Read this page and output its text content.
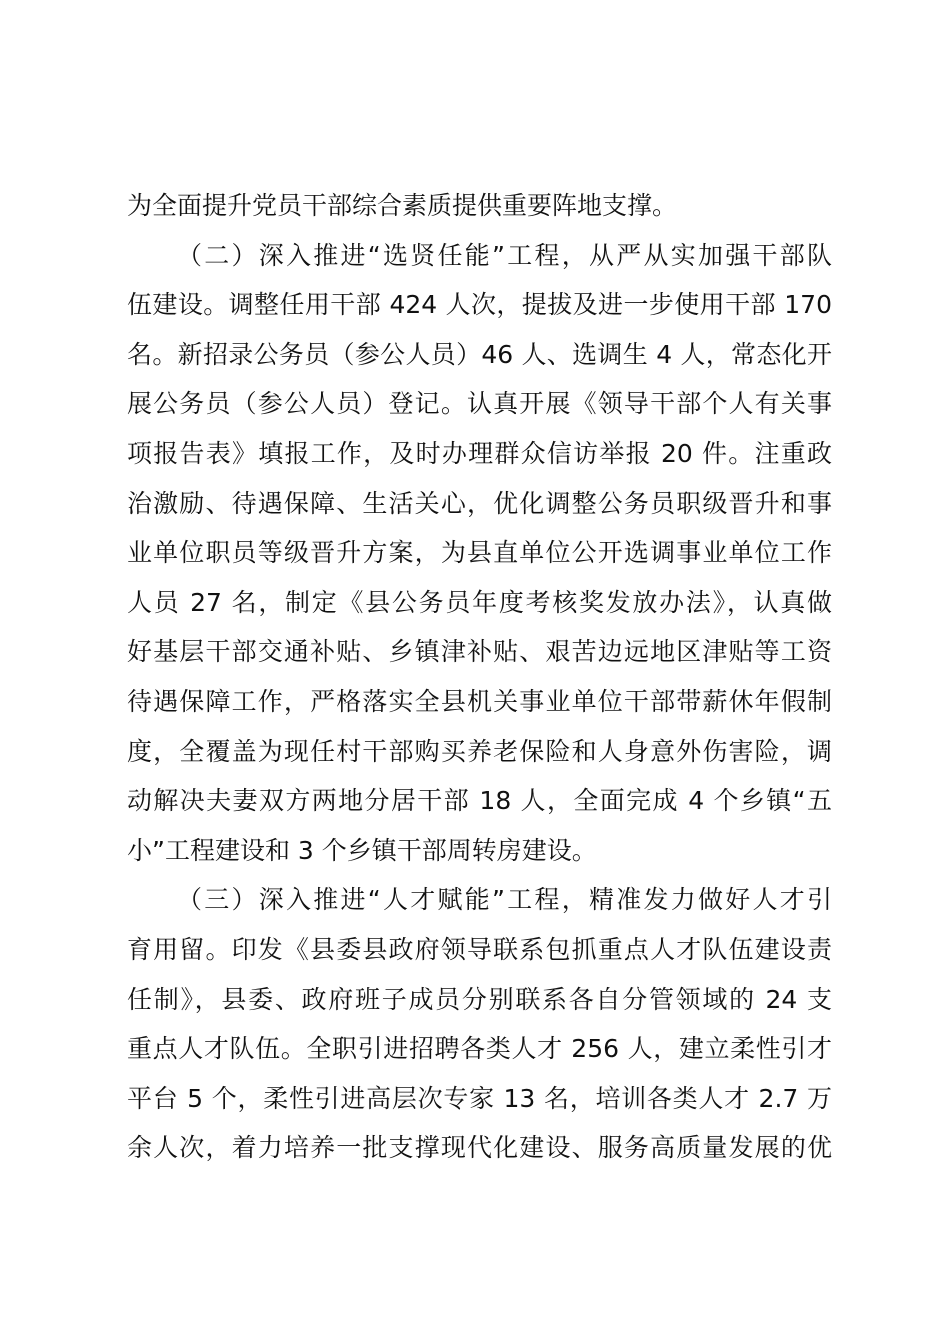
为全面提升党员干部综合素质提供重要阵地支撑。
（二）深入推进“选贤任能”工程，从严从实加强干部队
伍建设。调整任用干部 424 人次，提拔及进一步使用干部 170
名。新招录公务员（参公人员）46 人、选调生 4 人，常态化开
展公务员（参公人员）登记。认真开展《领导干部个人有关事
项报告表》填报工作，及时办理群众信访举报 20 件。注重政
治激励、待遇保障、生活关心，优化调整公务员职级晋升和事
业单位职员等级晋升方案，为县直单位公开选调事业单位工作
人员 27 名，制定《县公务员年度考核奖发放办法》，认真做
好基层干部交通补贴、乡镇津补贴、艰苦边远地区津贴等工资
待遇保障工作，严格落实全县机关事业单位干部带薪休年假制
度，全覆盖为现任村干部购买养老保险和人身意外伤害险，调
动解决夫妻双方两地分居干部 18 人，全面完成 4 个乡镇“五
小”工程建设和 3 个乡镇干部周转房建设。
（三）深入推进“人才赋能”工程，精准发力做好人才引
育用留。印发《县委县政府领导联系包抓重点人才队伍建设责
任制》，县委、政府班子成员分别联系各自分管领域的 24 支
重点人才队伍。全职引进招聘各类人才 256 人，建立柔性引才
平台 5 个，柔性引进高层次专家 13 名，培训各类人才 2.7 万
余人次，着力培养一批支撑现代化建设、服务高质量发展的优
